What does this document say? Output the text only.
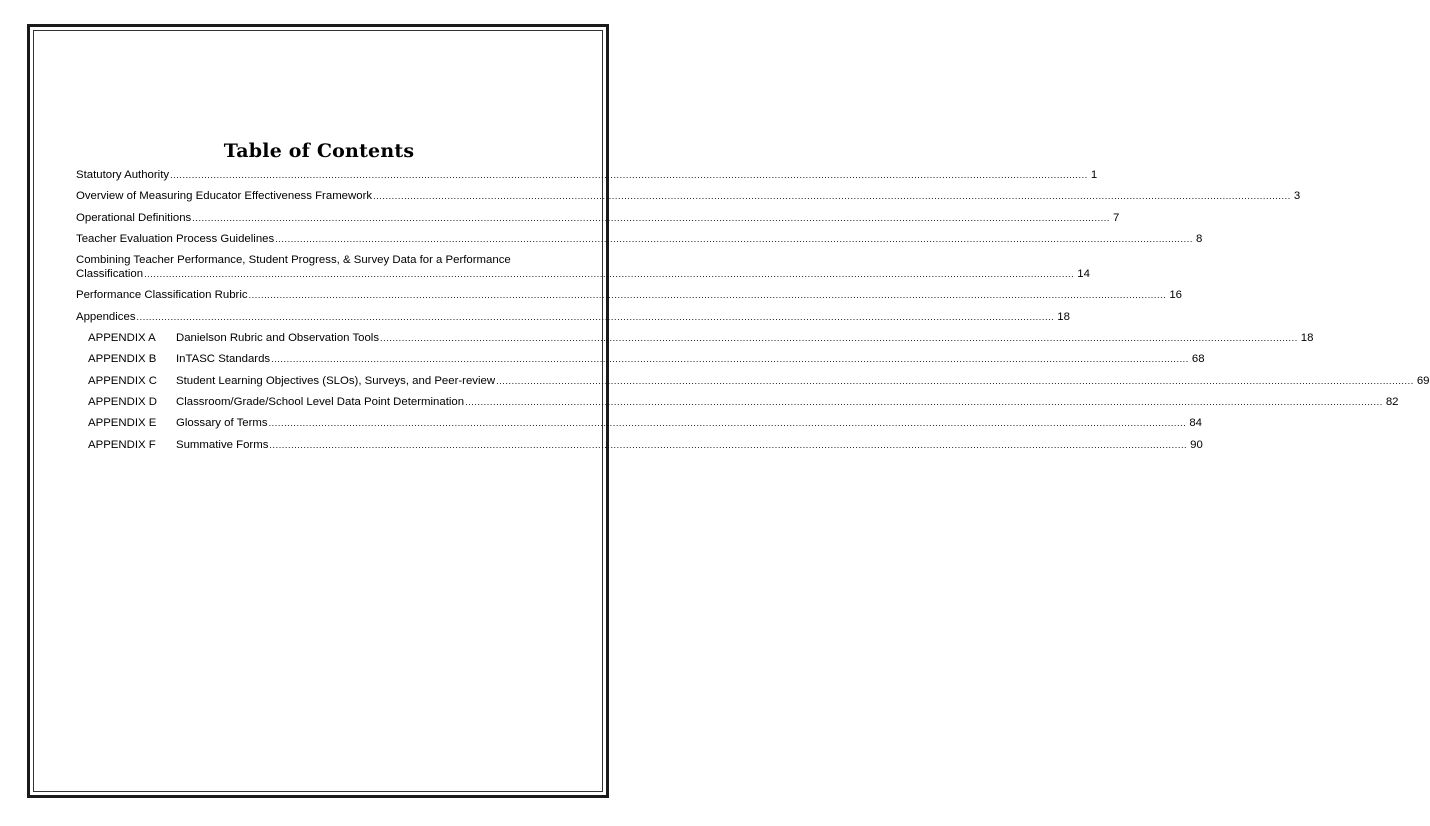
Table of Contents
Statutory Authority .....	1
Overview of Measuring Educator Effectiveness Framework .....	3
Operational Definitions .....	7
Teacher Evaluation Process Guidelines .....	8
Combining Teacher Performance, Student Progress, & Survey Data for a Performance
Classification ............................................................................................................................................................................................................................................................................................................ 14
Performance Classification Rubric .....	16
Appendices .....	18
APPENDIX A	Danielson Rubric and Observation Tools .....	18
APPENDIX B	InTASC Standards .....	68
APPENDIX C	Student Learning Objectives (SLOs), Surveys, and Peer-review .....	69
APPENDIX D	Classroom/Grade/School Level Data Point Determination .....	82
APPENDIX E	Glossary of Terms .....	84
APPENDIX F	Summative Forms .....	90
